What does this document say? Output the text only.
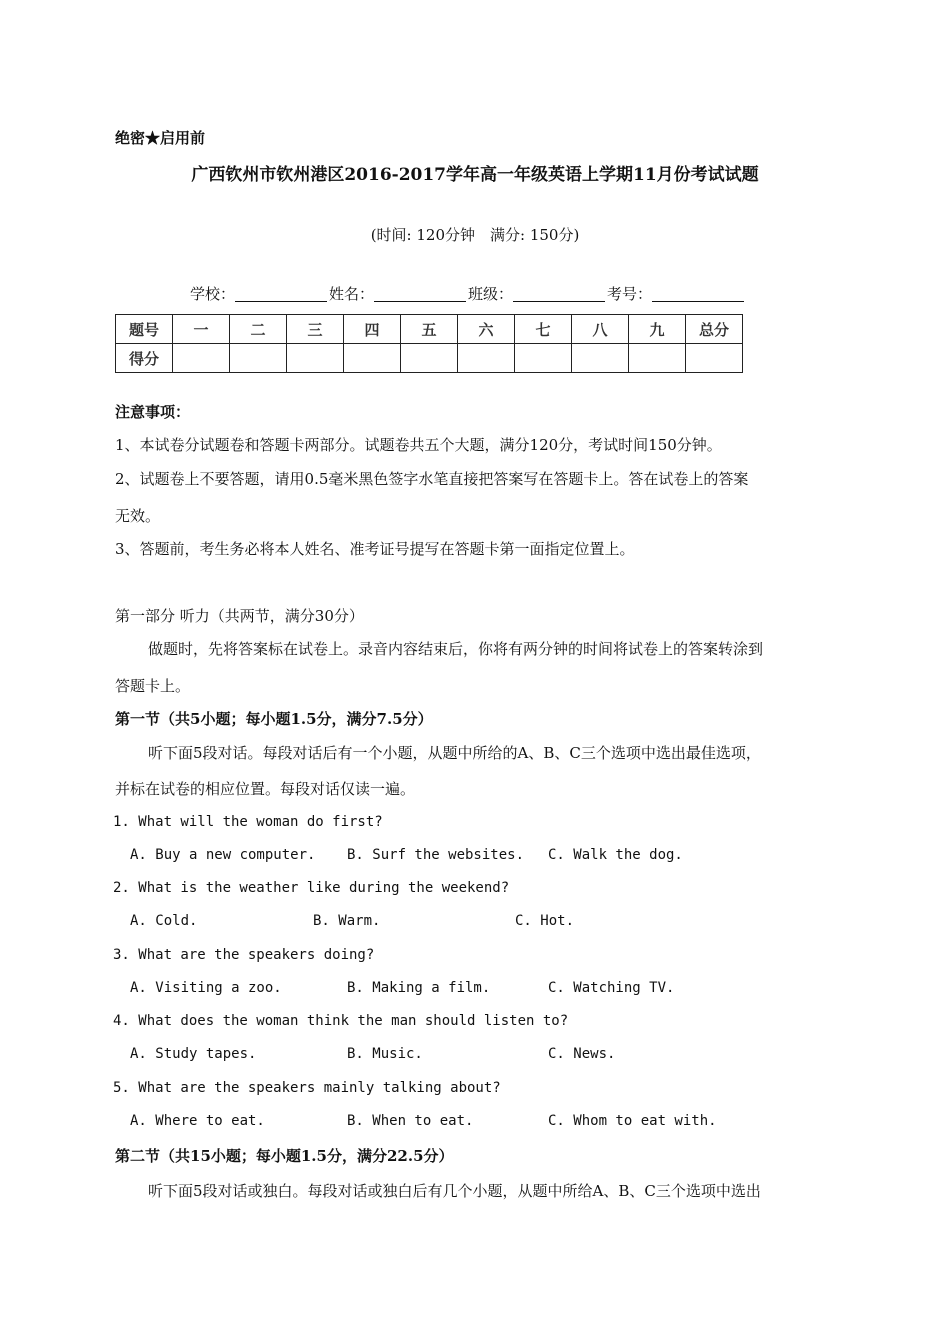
绝密★启用前
广西钦州市钦州港区2016-2017学年高一年级英语上学期11月份考试试题
(时间: 120分钟　满分: 150分)
学校：	姓名：	班级：	考号：
题号	一	二	三	四	五	六	七	八	九	总分
得分										
注意事项：
1、本试卷分试题卷和答题卡两部分。试题卷共五个大题，满分120分，考试时间150分钟。
2、试题卷上不要答题，请用0.5毫米黑色签字水笔直接把答案写在答题卡上。答在试卷上的答案
无效。
3、答题前，考生务必将本人姓名、准考证号提写在答题卡第一面指定位置上。
第一部分 听力（共两节，满分30分）
做题时，先将答案标在试卷上。录音内容结束后，你将有两分钟的时间将试卷上的答案转涂到
答题卡上。
第一节（共5小题；每小题1.5分，满分7.5分）
听下面5段对话。每段对话后有一个小题，从题中所给的A、B、C三个选项中选出最佳选项，
并标在试卷的相应位置。每段对话仅读一遍。
1. What will the woman do first?
A. Buy a new computer. B. Surf the websites. C. Walk the dog.
2. What is the weather like during the weekend?
A. Cold.	B. Warm.	C. Hot.
3. What are the speakers doing?
A. Visiting a zoo.	B. Making a film.	C. Watching TV.
4. What does the woman think the man should listen to?
A. Study tapes.	B. Music.	C. News.
5. What are the speakers mainly talking about?
A. Where to eat.	B. When to eat.	C. Whom to eat with.
第二节（共15小题；每小题1.5分，满分22.5分）
听下面5段对话或独白。每段对话或独白后有几个小题，从题中所给A、B、C三个选项中选出
